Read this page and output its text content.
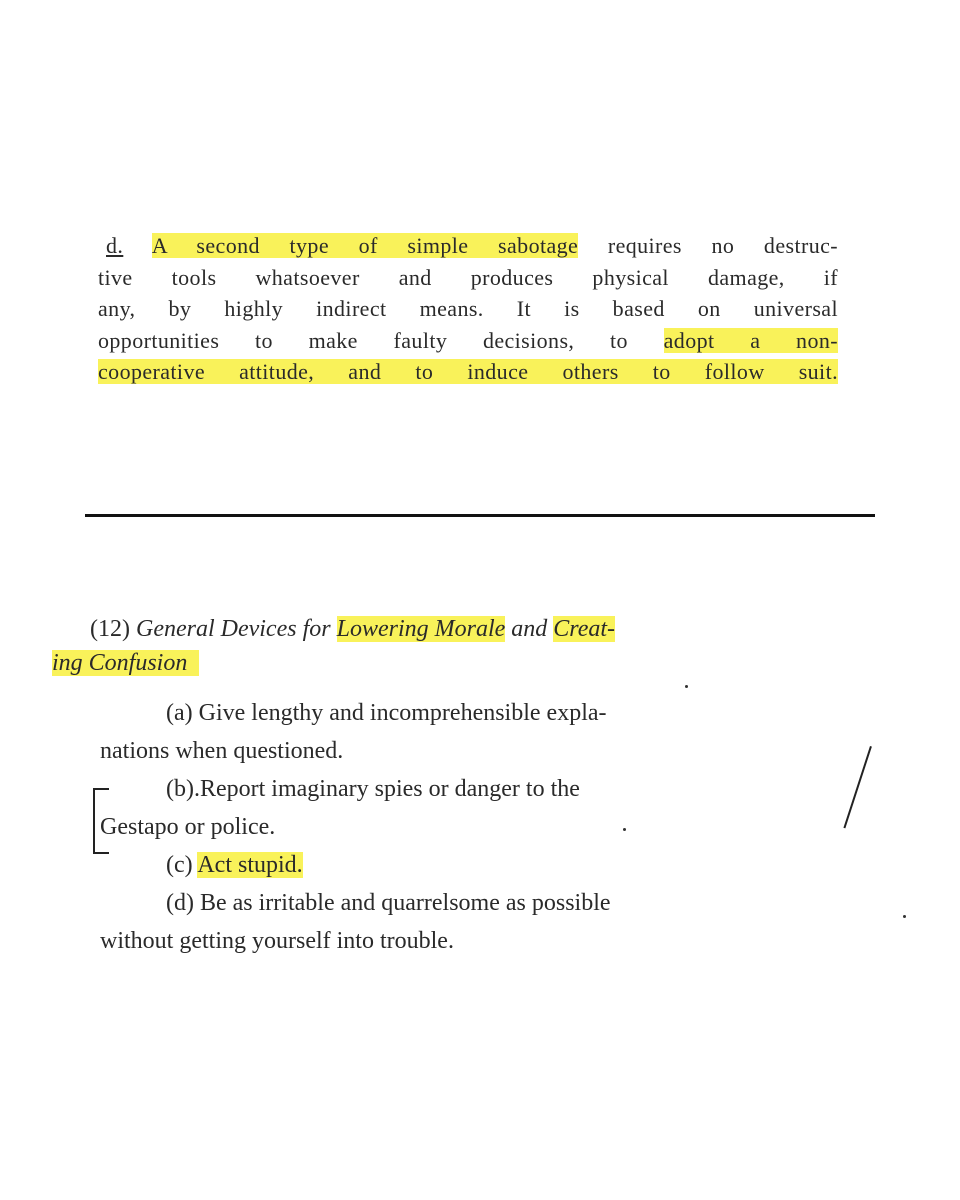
d. A second type of simple sabotage requires no destruc-
tive tools whatsoever and produces physical damage, if
any, by highly indirect means. It is based on universal
opportunities to make faulty decisions, to adopt a non-
cooperative attitude, and to induce others to follow suit.
(12) General Devices for Lowering Morale and Creat-
ing Confusion
(a) Give lengthy and incomprehensible expla-
nations when questioned.
(b).Report imaginary spies or danger to the
Gestapo or police.
(c) Act stupid.
(d) Be as irritable and quarrelsome as possible
without getting yourself into trouble.
